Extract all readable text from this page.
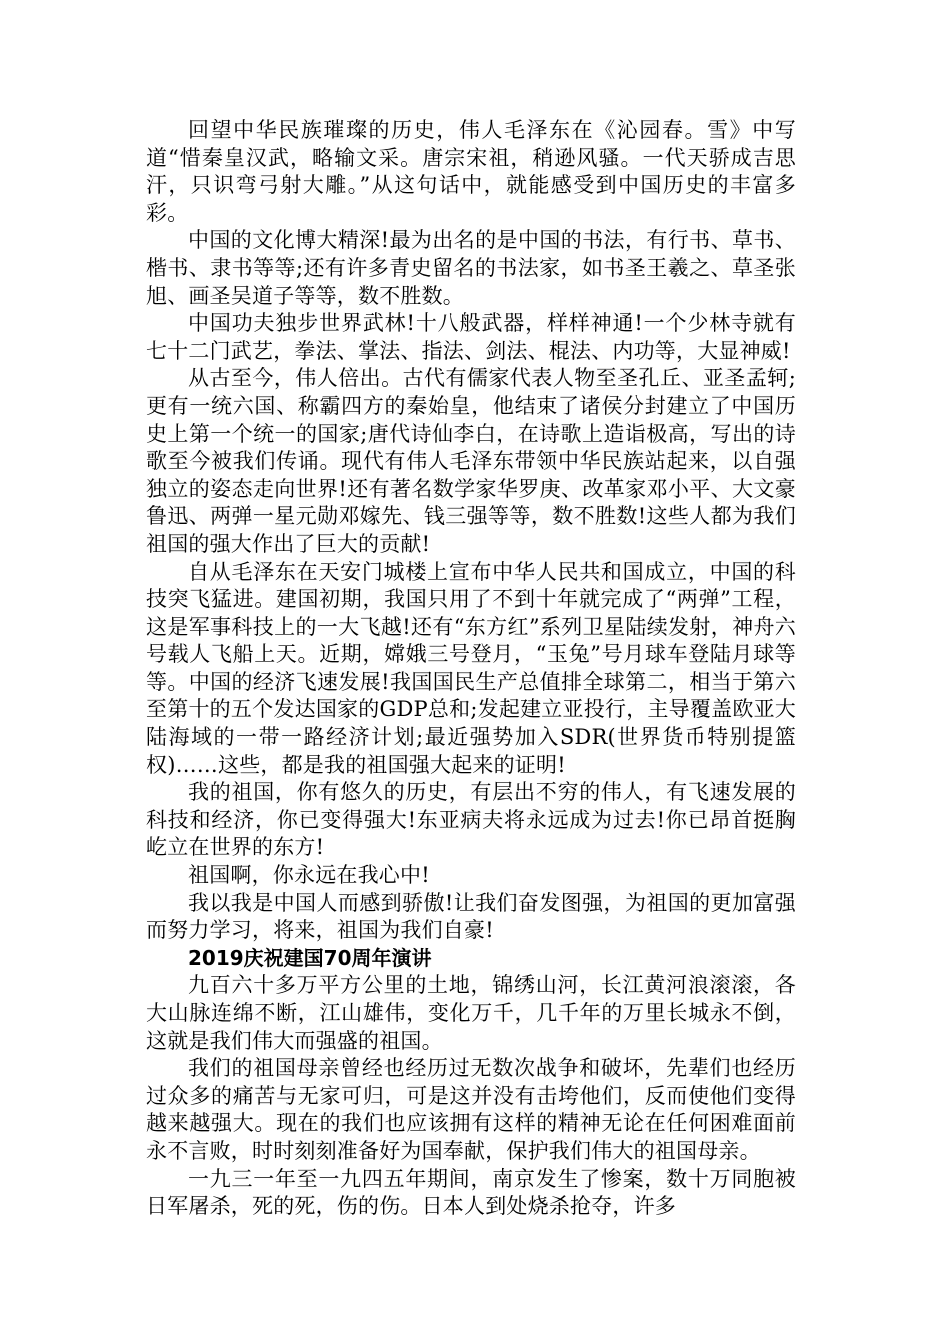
回望中华民族璀璨的历史，伟人毛泽东在《沁园春。雪》中写道“惜秦皇汉武，略输文采。唐宗宋祖，稍逊风骚。一代天骄成吉思汗，只识弯弓射大雕。”从这句话中，就能感受到中国历史的丰富多彩。

中国的文化博大精深!最为出名的是中国的书法，有行书、草书、楷书、隶书等等;还有许多青史留名的书法家，如书圣王羲之、草圣张旭、画圣吴道子等等，数不胜数。

中国功夫独步世界武林!十八般武器，样样神通!一个少林寺就有七十二门武艺，拳法、掌法、指法、剑法、棍法、内功等，大显神威!

从古至今，伟人倍出。古代有儒家代表人物至圣孔丘、亚圣孟轲;更有一统六国、称霸四方的秦始皇，他结束了诸侯分封建立了中国历史上第一个统一的国家;唐代诗仙李白，在诗歌上造诣极高，写出的诗歌至今被我们传诵。现代有伟人毛泽东带领中华民族站起来，以自强独立的姿态走向世界!还有著名数学家华罗庚、改革家邓小平、大文豪鲁迅、两弹一星元勋邓嫁先、钱三强等等，数不胜数!这些人都为我们祖国的强大作出了巨大的贡献!

自从毛泽东在天安门城楼上宣布中华人民共和国成立，中国的科技突飞猛进。建国初期，我国只用了不到十年就完成了“两弹”工程，这是军事科技上的一大飞越!还有“东方红”系列卫星陆续发射，神舟六号载人飞船上天。近期，嫦娥三号登月，“玉兔”号月球车登陆月球等等。中国的经济飞速发展!我国国民生产总值排全球第二，相当于第六至第十的五个发达国家的GDP总和;发起建立亚投行，主导覆盖欧亚大陆海域的一带一路经济计划;最近强势加入SDR(世界货币特别提篮权)……这些，都是我的祖国强大起来的证明!

我的祖国，你有悠久的历史，有层出不穷的伟人，有飞速发展的科技和经济，你已变得强大!东亚病夫将永远成为过去!你已昂首挺胸屹立在世界的东方!

祖国啊，你永远在我心中!

我以我是中国人而感到骄傲!让我们奋发图强，为祖国的更加富强而努力学习，将来，祖国为我们自豪!

2019庆祝建国70周年演讲

九百六十多万平方公里的土地，锦绣山河，长江黄河浪滚滚，各大山脉连绵不断，江山雄伟，变化万千，几千年的万里长城永不倒，这就是我们伟大而强盛的祖国。

我们的祖国母亲曾经也经历过无数次战争和破坏，先辈们也经历过众多的痛苦与无家可归，可是这并没有击垮他们，反而使他们变得越来越强大。现在的我们也应该拥有这样的精神无论在任何困难面前永不言败，时时刻刻准备好为国奉献，保护我们伟大的祖国母亲。

一九三一年至一九四五年期间，南京发生了惨案，数十万同胞被日军屠杀，死的死，伤的伤。日本人到处烧杀抢夺，许多
